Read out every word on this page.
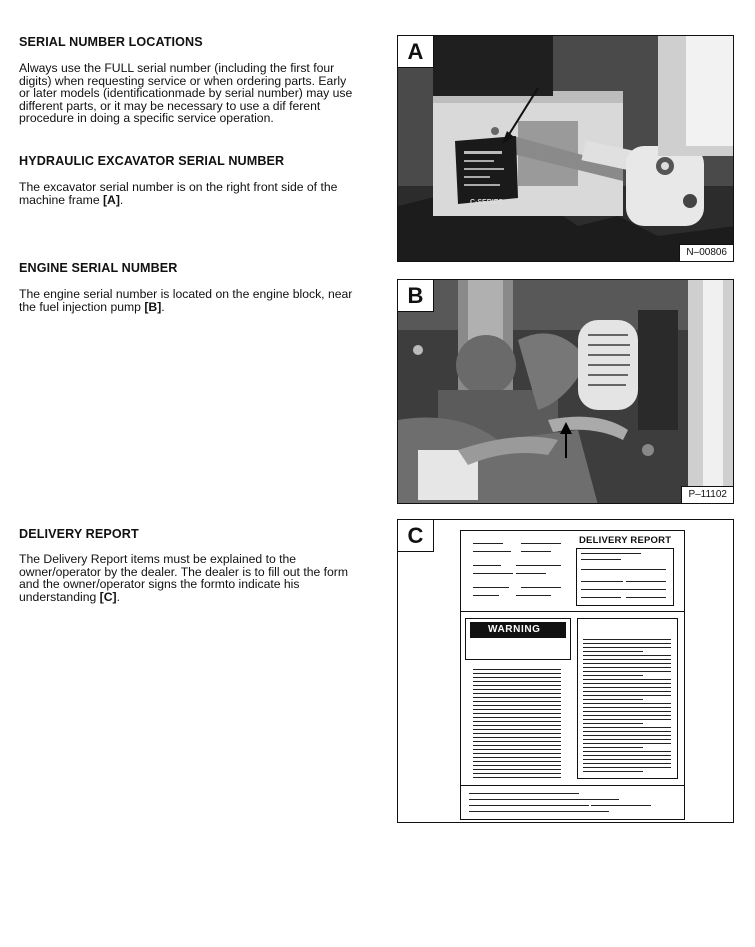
SERIAL NUMBER LOCATIONS

Always use the FULL serial number (including the first four digits) when requesting service or when ordering parts. Early or later models (identificationmade by serial number) may use different parts, or it may be necessary to use a dif ferent procedure in doing a specific service operation.

HYDRAULIC EXCAVATOR SERIAL NUMBER

The excavator serial number is on the right front side of the machine frame [A].

ENGINE SERIAL NUMBER

The engine serial number is located on the engine block, near the fuel injection pump [B].

DELIVERY REPORT

The Delivery Report items must be explained to the owner/operator by the dealer. The dealer is to fill out the form and the owner/operator signs the formto indicate his understanding [C].

C-SERIES
A
N–00806
B
P–11102
C	DELIVERY REPORT
WARNING
